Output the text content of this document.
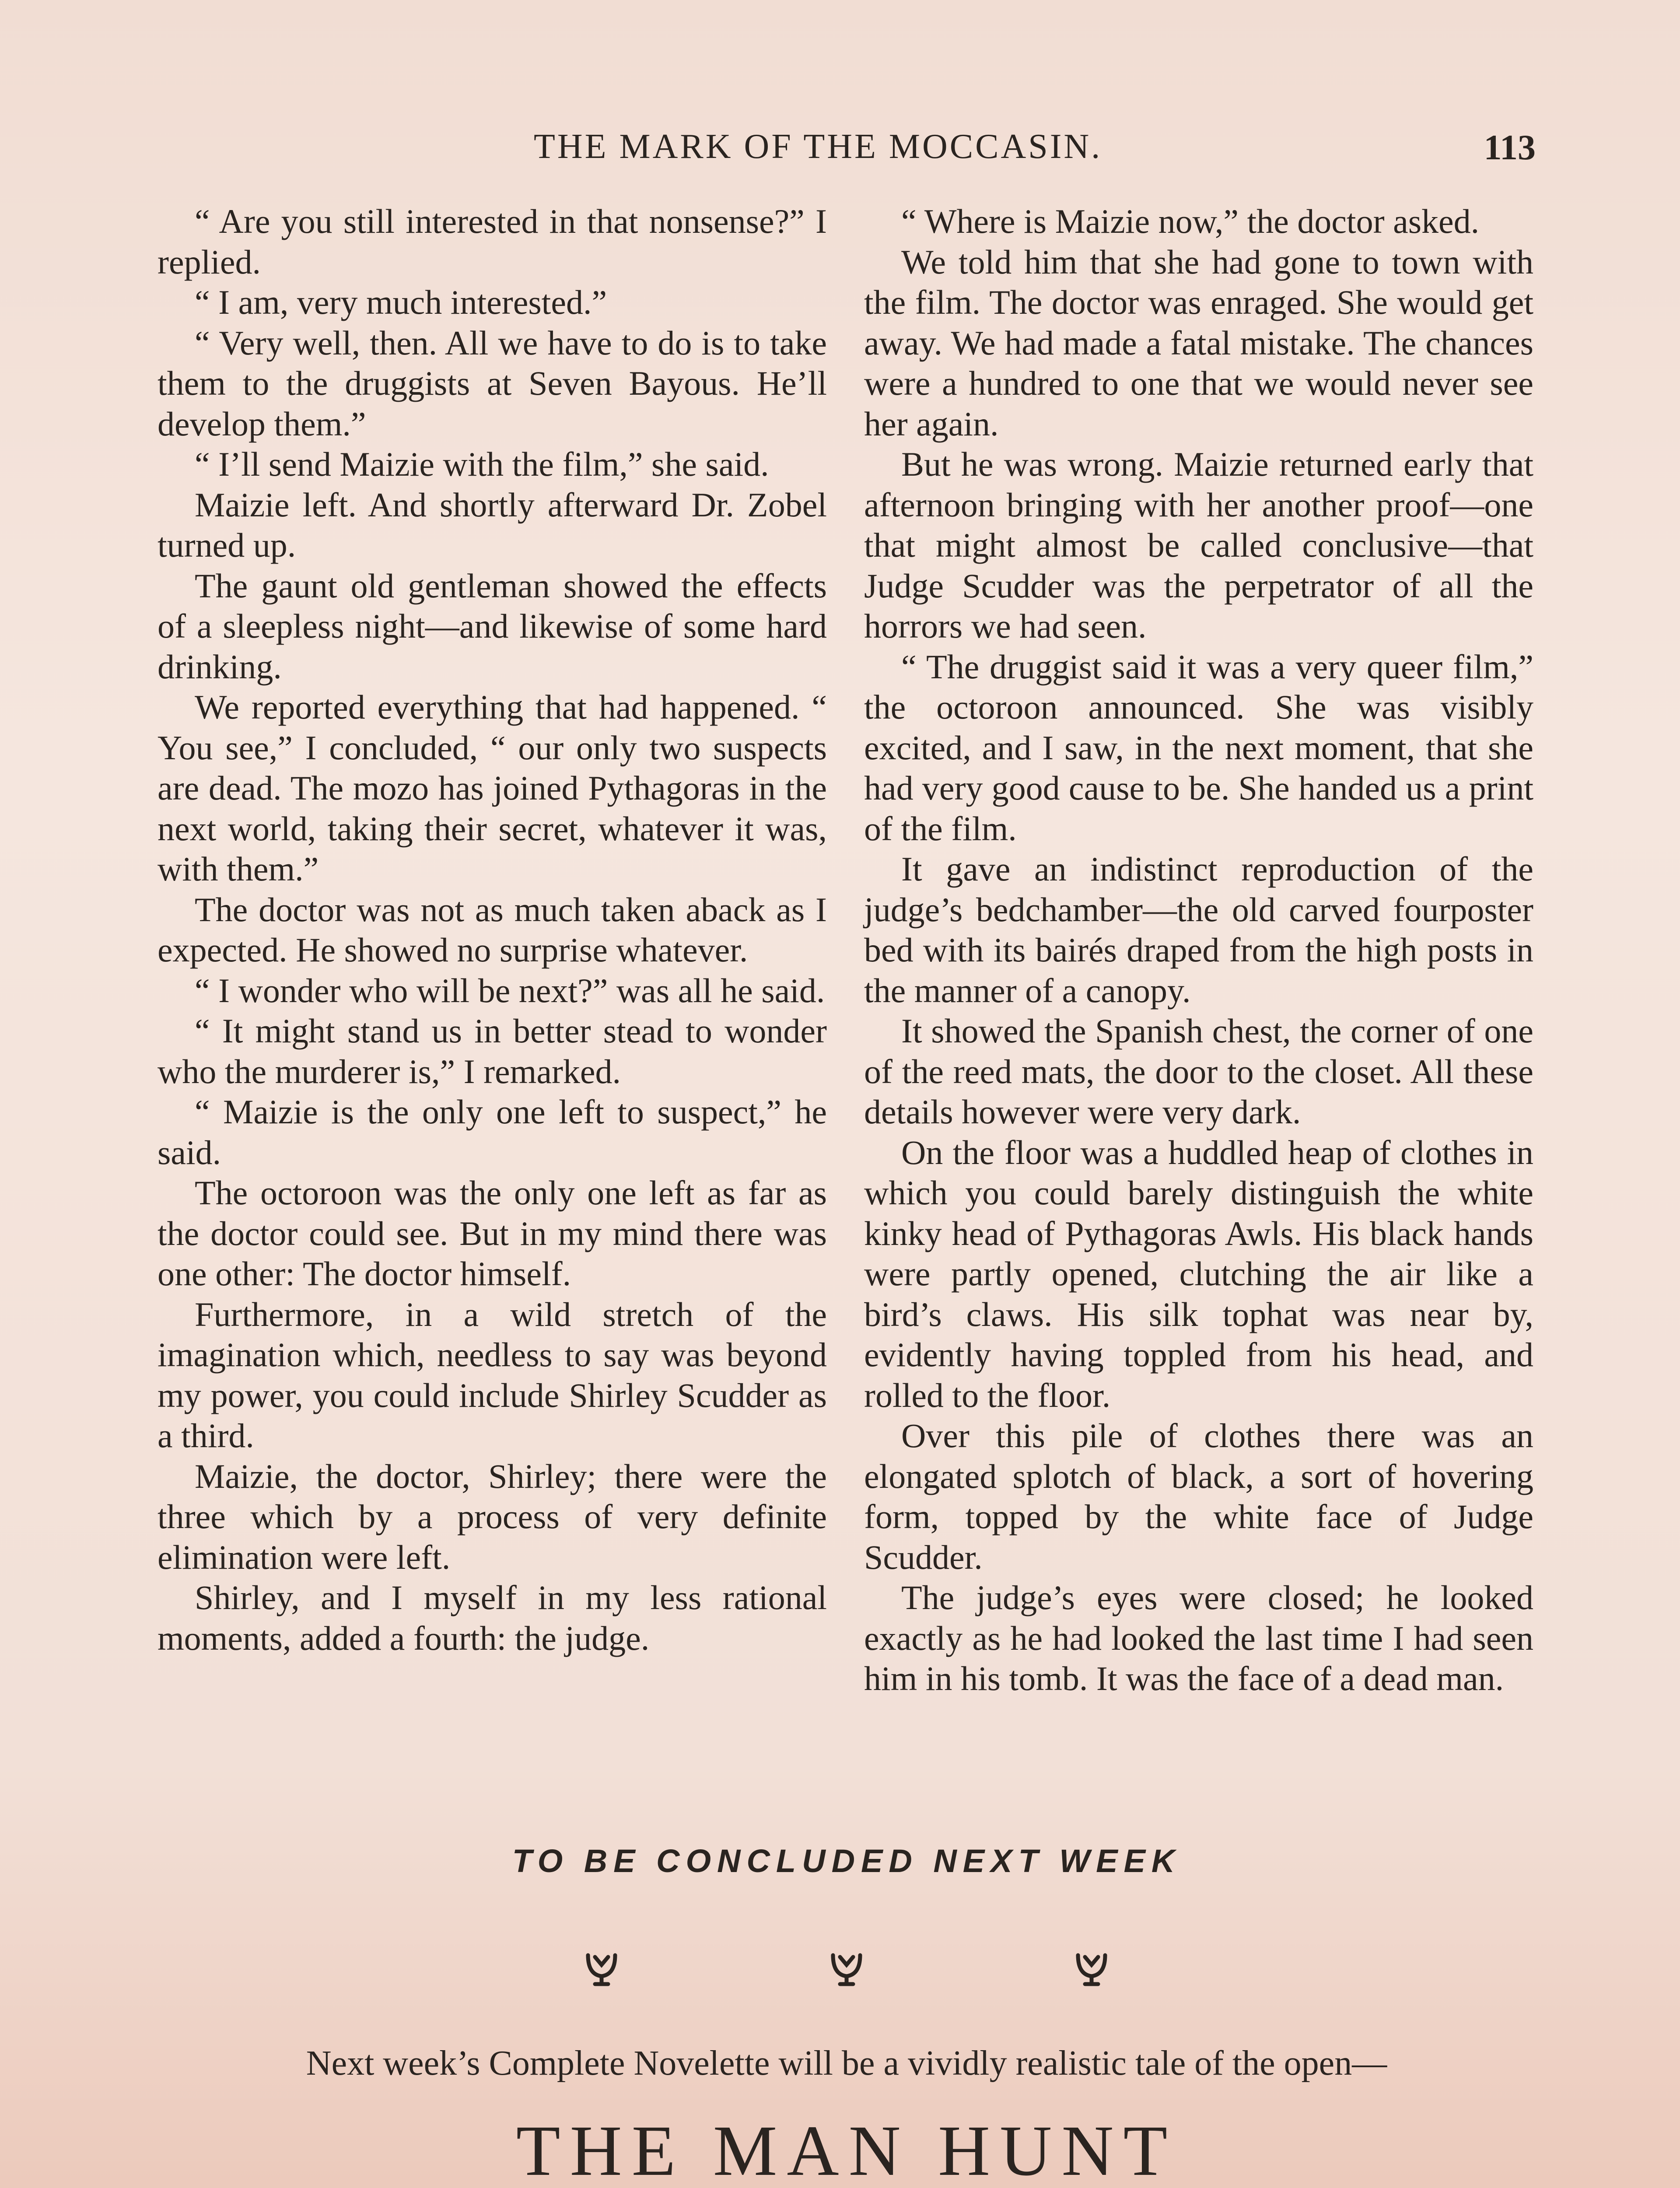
THE MARK OF THE MOCCASIN.	113

“ Are you still interested in that nonsense?” I replied.

“ I am, very much interested.”

“ Very well, then. All we have to do is to take them to the druggists at Seven Bayous. He’ll develop them.”

“ I’ll send Maizie with the film,” she said.

Maizie left. And shortly afterward Dr. Zobel turned up.

The gaunt old gentleman showed the effects of a sleepless night—and likewise of some hard drinking.

We reported everything that had happened. “ You see,” I concluded, “ our only two suspects are dead. The mozo has joined Pythagoras in the next world, taking their secret, whatever it was, with them.”

The doctor was not as much taken aback as I expected. He showed no surprise whatever.

“ I wonder who will be next?” was all he said.

“ It might stand us in better stead to wonder who the murderer is,” I remarked.

“ Maizie is the only one left to suspect,” he said.

The octoroon was the only one left as far as the doctor could see. But in my mind there was one other: The doctor himself.

Furthermore, in a wild stretch of the imagination which, needless to say was beyond my power, you could include Shirley Scudder as a third.

Maizie, the doctor, Shirley; there were the three which by a process of very definite elimination were left.

Shirley, and I myself in my less rational moments, added a fourth: the judge.

“ Where is Maizie now,” the doctor asked.

We told him that she had gone to town with the film. The doctor was enraged. She would get away. We had made a fatal mistake. The chances were a hundred to one that we would never see her again.

But he was wrong. Maizie returned early that afternoon bringing with her another proof—one that might almost be called conclusive—that Judge Scudder was the perpetrator of all the horrors we had seen.

“ The druggist said it was a very queer film,” the octoroon announced. She was visibly excited, and I saw, in the next moment, that she had very good cause to be. She handed us a print of the film.

It gave an indistinct reproduction of the judge’s bedchamber—the old carved fourposter bed with its bairés draped from the high posts in the manner of a canopy.

It showed the Spanish chest, the corner of one of the reed mats, the door to the closet. All these details however were very dark.

On the floor was a huddled heap of clothes in which you could barely distinguish the white kinky head of Pythagoras Awls. His black hands were partly opened, clutching the air like a bird’s claws. His silk tophat was near by, evidently having toppled from his head, and rolled to the floor.

Over this pile of clothes there was an elongated splotch of black, a sort of hovering form, topped by the white face of Judge Scudder.

The judge’s eyes were closed; he looked exactly as he had looked the last time I had seen him in his tomb. It was the face of a dead man.

TO BE CONCLUDED NEXT WEEK
Next week’s Complete Novelette will be a vividly realistic tale of the open—
THE MAN HUNT
